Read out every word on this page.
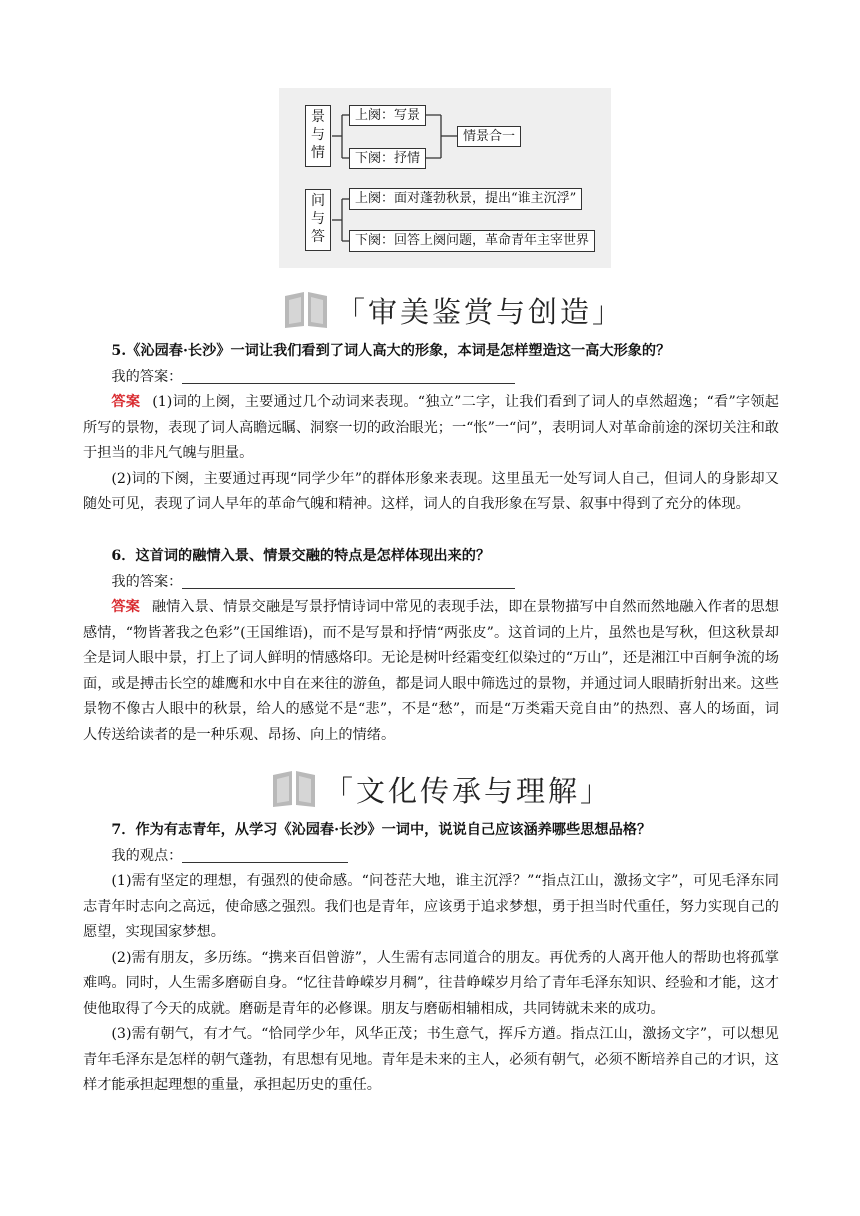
景与情
上阕：写景
下阕：抒情
情景合一
问与答
上阕：面对蓬勃秋景，提出“谁主沉浮”
下阕：回答上阕问题，革命青年主宰世界
「审美鉴赏与创造」

5.《沁园春·长沙》一词让我们看到了词人高大的形象，本词是怎样塑造这一高大形象的？

我的答案：

答案 (1)词的上阕，主要通过几个动词来表现。“独立”二字，让我们看到了词人的卓然超逸；“看”字领起所写的景物，表现了词人高瞻远瞩、洞察一切的政治眼光；一“怅”一“问”，表明词人对革命前途的深切关注和敢于担当的非凡气魄与胆量。

(2)词的下阕，主要通过再现“同学少年”的群体形象来表现。这里虽无一处写词人自己，但词人的身影却又随处可见，表现了词人早年的革命气魄和精神。这样，词人的自我形象在写景、叙事中得到了充分的体现。

6．这首词的融情入景、情景交融的特点是怎样体现出来的？

我的答案：

答案 融情入景、情景交融是写景抒情诗词中常见的表现手法，即在景物描写中自然而然地融入作者的思想感情，“物皆著我之色彩”(王国维语)，而不是写景和抒情“两张皮”。这首词的上片，虽然也是写秋，但这秋景却全是词人眼中景，打上了词人鲜明的情感烙印。无论是树叶经霜变红似染过的“万山”，还是湘江中百舸争流的场面，或是搏击长空的雄鹰和水中自在来往的游鱼，都是词人眼中筛选过的景物，并通过词人眼睛折射出来。这些景物不像古人眼中的秋景，给人的感觉不是“悲”，不是“愁”，而是“万类霜天竞自由”的热烈、喜人的场面，词人传送给读者的是一种乐观、昂扬、向上的情绪。

「文化传承与理解」

7．作为有志青年，从学习《沁园春·长沙》一词中，说说自己应该涵养哪些思想品格？

我的观点：

(1)需有坚定的理想，有强烈的使命感。“问苍茫大地，谁主沉浮？”“指点江山，激扬文字”，可见毛泽东同志青年时志向之高远，使命感之强烈。我们也是青年，应该勇于追求梦想，勇于担当时代重任，努力实现自己的愿望，实现国家梦想。

(2)需有朋友，多历练。“携来百侣曾游”，人生需有志同道合的朋友。再优秀的人离开他人的帮助也将孤掌难鸣。同时，人生需多磨砺自身。“忆往昔峥嵘岁月稠”，往昔峥嵘岁月给了青年毛泽东知识、经验和才能，这才使他取得了今天的成就。磨砺是青年的必修课。朋友与磨砺相辅相成，共同铸就未来的成功。

(3)需有朝气，有才气。“恰同学少年，风华正茂；书生意气，挥斥方遒。指点江山，激扬文字”，可以想见青年毛泽东是怎样的朝气蓬勃，有思想有见地。青年是未来的主人，必须有朝气，必须不断培养自己的才识，这样才能承担起理想的重量，承担起历史的重任。
